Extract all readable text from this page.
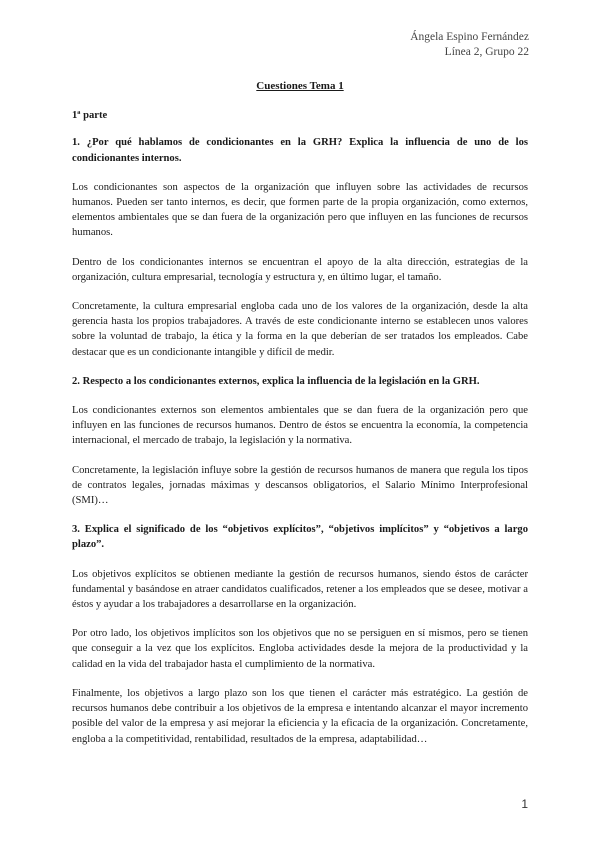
Ángela Espino Fernández
Línea 2, Grupo 22
Cuestiones Tema 1
1ª parte
1. ¿Por qué hablamos de condicionantes en la GRH? Explica la influencia de uno de los condicionantes internos.
Los condicionantes son aspectos de la organización que influyen sobre las actividades de recursos humanos. Pueden ser tanto internos, es decir, que formen parte de la propia organización, como externos, elementos ambientales que se dan fuera de la organización pero que influyen en las funciones de recursos humanos.
Dentro de los condicionantes internos se encuentran el apoyo de la alta dirección, estrategias de la organización, cultura empresarial, tecnología y estructura y, en último lugar, el tamaño.
Concretamente, la cultura empresarial engloba cada uno de los valores de la organización, desde la alta gerencia hasta los propios trabajadores. A través de este condicionante interno se establecen unos valores sobre la voluntad de trabajo, la ética y la forma en la que deberían de ser tratados los empleados. Cabe destacar que es un condicionante intangible y difícil de medir.
2. Respecto a los condicionantes externos, explica la influencia de la legislación en la GRH.
Los condicionantes externos son elementos ambientales que se dan fuera de la organización pero que influyen en las funciones de recursos humanos. Dentro de éstos se encuentra la economía, la competencia internacional, el mercado de trabajo, la legislación y la normativa.
Concretamente, la legislación influye sobre la gestión de recursos humanos de manera que regula los tipos de contratos legales, jornadas máximas y descansos obligatorios, el Salario Mínimo Interprofesional (SMI)…
3. Explica el significado de los “objetivos explícitos”, “objetivos implícitos” y “objetivos a largo plazo”.
Los objetivos explícitos se obtienen mediante la gestión de recursos humanos, siendo éstos de carácter fundamental y basándose en atraer candidatos cualificados, retener a los empleados que se desee, motivar a éstos y ayudar a los trabajadores a desarrollarse en la organización.
Por otro lado, los objetivos implícitos son los objetivos que no se persiguen en sí mismos, pero se tienen que conseguir a la vez que los explícitos. Engloba actividades desde la mejora de la productividad y la calidad en la vida del trabajador hasta el cumplimiento de la normativa.
Finalmente, los objetivos a largo plazo son los que tienen el carácter más estratégico. La gestión de recursos humanos debe contribuir a los objetivos de la empresa e intentando alcanzar el mayor incremento posible del valor de la empresa y así mejorar la eficiencia y la eficacia de la organización. Concretamente, engloba a la competitividad, rentabilidad, resultados de la empresa, adaptabilidad…
1
